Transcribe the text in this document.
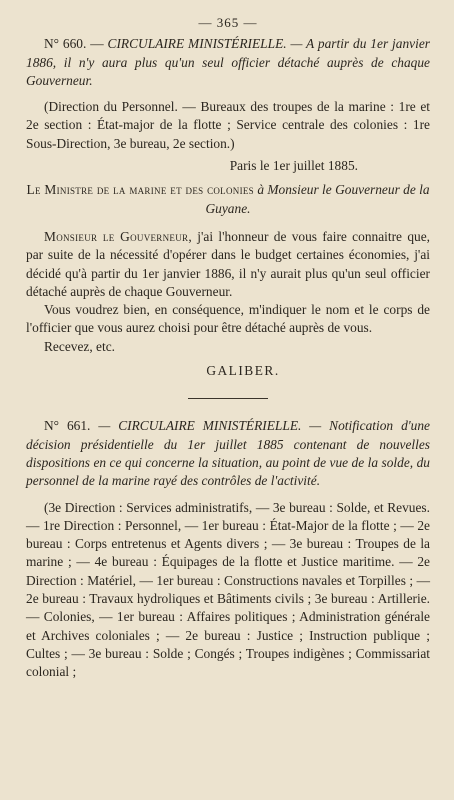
— 365 —

N° 660. — CIRCULAIRE MINISTÉRIELLE. — A partir du 1er janvier 1886, il n'y aura plus qu'un seul officier détaché auprès de chaque Gouverneur.

(Direction du Personnel. — Bureaux des troupes de la marine : 1re et 2e section : État-major de la flotte ; Service centrale des colonies : 1re Sous-Direction, 3e bureau, 2e section.)

Paris le 1er juillet 1885.

Le Ministre de la marine et des colonies à Monsieur le Gouverneur de la Guyane.

Monsieur le Gouverneur, j'ai l'honneur de vous faire connaitre que, par suite de la nécessité d'opérer dans le budget certaines économies, j'ai décidé qu'à partir du 1er janvier 1886, il n'y aurait plus qu'un seul officier détaché auprès de chaque Gouverneur.

Vous voudrez bien, en conséquence, m'indiquer le nom et le corps de l'officier que vous aurez choisi pour être détaché auprès de vous.

Recevez, etc.

GALIBER.

N° 661. — CIRCULAIRE MINISTÉRIELLE. — Notification d'une décision présidentielle du 1er juillet 1885 contenant de nouvelles dispositions en ce qui concerne la situation, au point de vue de la solde, du personnel de la marine rayé des contrôles de l'activité.

(3e Direction : Services administratifs, — 3e bureau : Solde, et Revues. — 1re Direction : Personnel, — 1er bureau : État-Major de la flotte ; — 2e bureau : Corps entretenus et Agents divers ; — 3e bureau : Troupes de la marine ; — 4e bureau : Équipages de la flotte et Justice maritime. — 2e Direction : Matériel, — 1er bureau : Constructions navales et Torpilles ; — 2e bureau : Travaux hydroliques et Bâtiments civils ; 3e bureau : Artillerie. — Colonies, — 1er bureau : Affaires politiques ; Administration générale et Archives coloniales ; — 2e bureau : Justice ; Instruction publique ; Cultes ; — 3e bureau : Solde ; Congés ; Troupes indigènes ; Commissariat colonial ;
